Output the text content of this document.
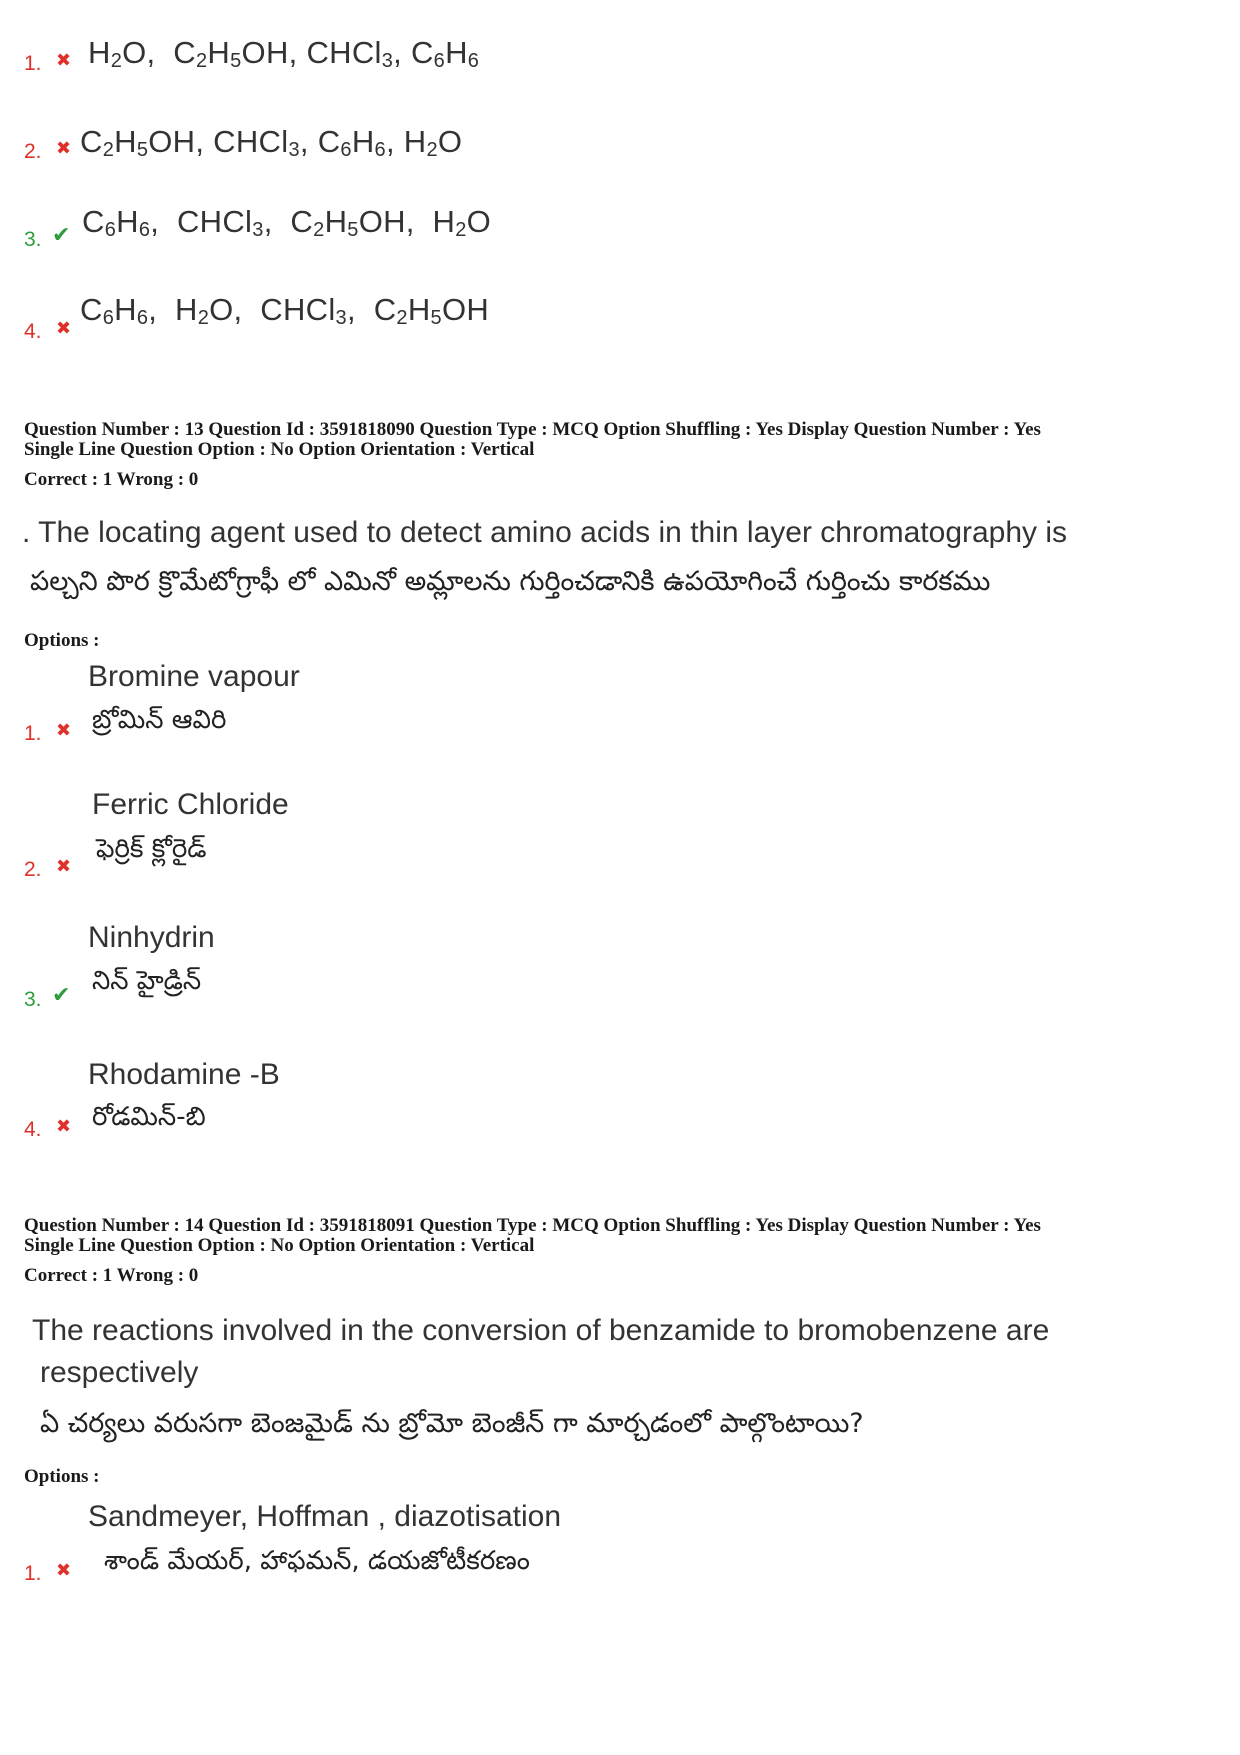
1. ✖ $H_2O$,  $C_2H_5OH$, CHCl$_3$, $C_6H_6$
2. ✖ $C_2H_5OH$, CHCl$_3$, $C_6H_6$, $H_2O$
3. ✔ $C_6H_6$,  CHCl$_3$,  $C_2H_5OH$,  $H_2O$
4. ✖
$C_6H_6$,  $H_2O$,  CHCl$_3$,  $C_2H_5OH$
Question Number : 13 Question Id : 3591818090 Question Type : MCQ Option Shuffling : Yes Display Question Number : Yes
Single Line Question Option : No Option Orientation : Vertical
Correct : 1 Wrong : 0
. The locating agent used to detect amino acids in thin layer chromatography is
పల్చని పొర క్రొమేటోగ్రాఫీ లో ఎమినో అమ్లాలను గుర్తించడానికి ఉపయోగించే గుర్తించు కారకము
Options :
Bromine vapour
బ్రోమిన్ ఆవిరి
1. ✖
Ferric Chloride
ఫెర్రిక్ క్లోరైడ్
2. ✖
Ninhydrin
నిన్ హైడ్రిన్
3. ✔
Rhodamine -B
రోడమిన్-బి
4. ✖
Question Number : 14 Question Id : 3591818091 Question Type : MCQ Option Shuffling : Yes Display Question Number : Yes
Single Line Question Option : No Option Orientation : Vertical
Correct : 1 Wrong : 0
The reactions involved in the conversion of benzamide to bromobenzene are
respectively
ఏ చర్యలు వరుసగా బెంజమైడ్ ను బ్రోమో బెంజీన్ గా మార్చడంలో పాల్గొంటాయి?
Options :
Sandmeyer, Hoffman , diazotisation
శాండ్ మేయర్, హాఫమన్, డయజోటీకరణం
1. ✖
